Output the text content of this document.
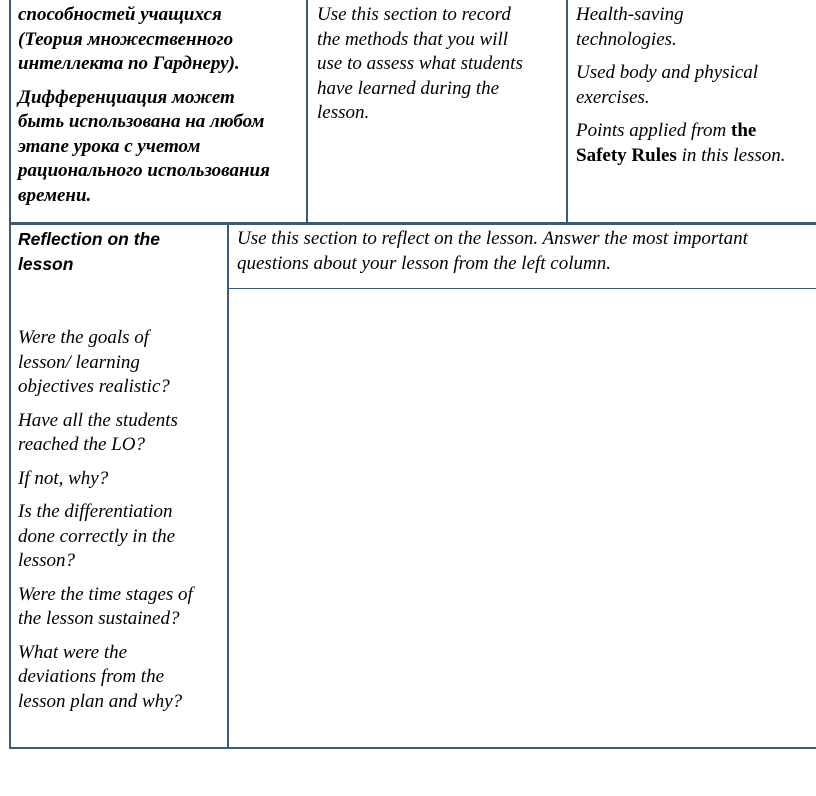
способностей учащихся
(Теория множественного
интеллекта по Гарднеру).

Дифференциация может
быть использована на любом
этапе урока с учетом
рационального использования
времени.

Use this section to record
the methods that you will
use to assess what students
have learned during the
lesson.

Health-saving
technologies.

Used body and physical
exercises.

Points applied from the
Safety Rules in this lesson.

Reflection on the
lesson
Use this section to reflect on the lesson. Answer the most important
questions about your lesson from the left column.

Were the goals of
lesson/ learning
objectives realistic?

Have all the students
reached the LO?

If not, why?

Is the differentiation
done correctly in the
lesson?

Were the time stages of
the lesson sustained?

What were the
deviations from the
lesson plan and why?
